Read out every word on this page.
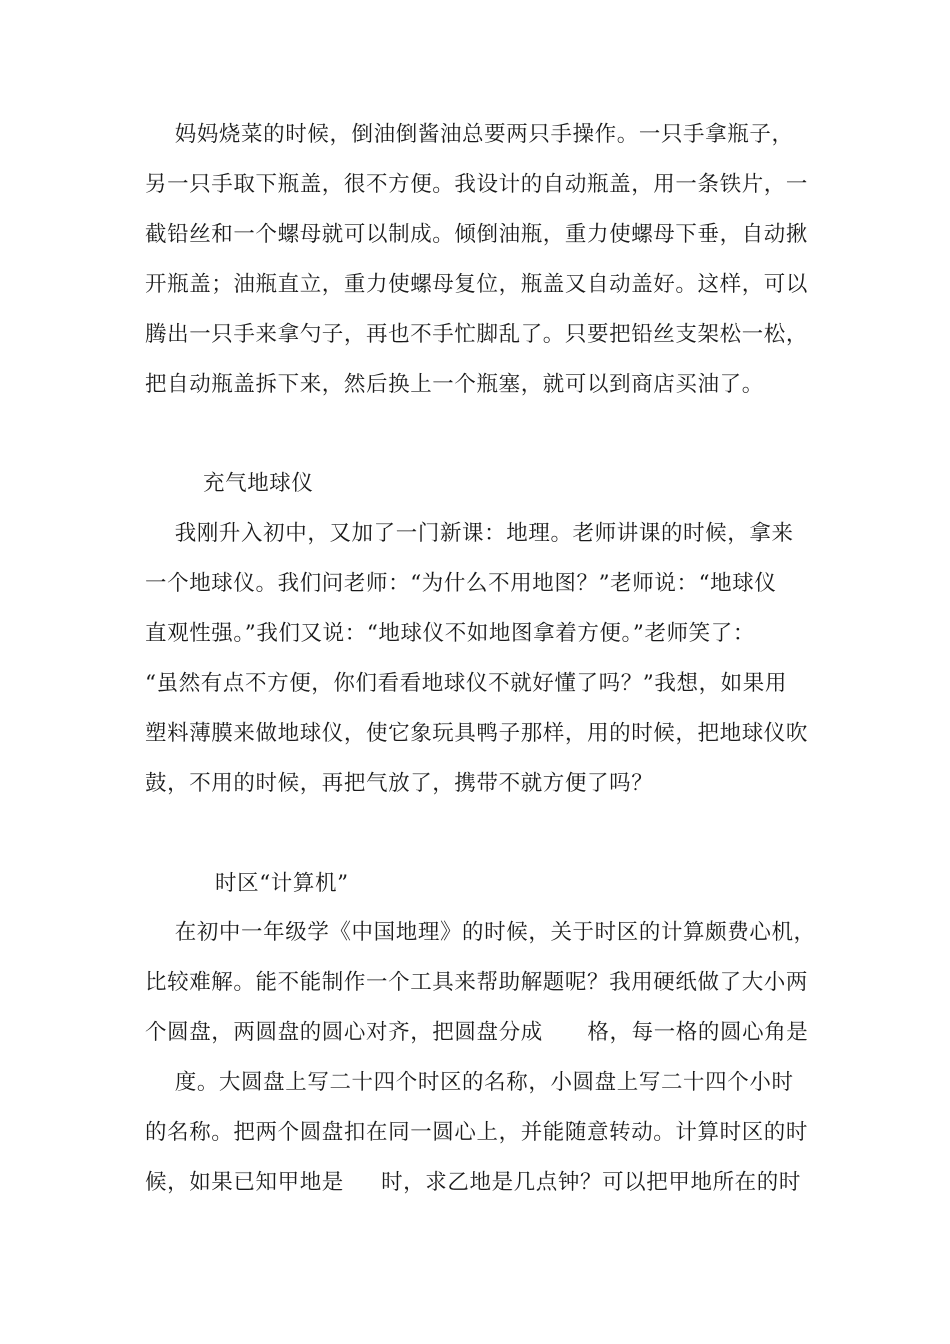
妈妈烧菜的时候，倒油倒酱油总要两只手操作。一只手拿瓶子，
另一只手取下瓶盖，很不方便。我设计的自动瓶盖，用一条铁片，一
截铅丝和一个螺母就可以制成。倾倒油瓶，重力使螺母下垂，自动揪
开瓶盖；油瓶直立，重力使螺母复位，瓶盖又自动盖好。这样，可以
腾出一只手来拿勺子，再也不手忙脚乱了。只要把铅丝支架松一松，
把自动瓶盖拆下来，然后换上一个瓶塞，就可以到商店买油了。
充气地球仪
我刚升入初中，又加了一门新课：地理。老师讲课的时候，拿来
一个地球仪。我们问老师：“为什么不用地图？”老师说：“地球仪
直观性强。”我们又说：“地球仪不如地图拿着方便。”老师笑了：
“虽然有点不方便，你们看看地球仪不就好懂了吗？”我想，如果用
塑料薄膜来做地球仪，使它象玩具鸭子那样，用的时候，把地球仪吹
鼓，不用的时候，再把气放了，携带不就方便了吗？
时区“计算机”
在初中一年级学《中国地理》的时候，关于时区的计算颇费心机，
比较难解。能不能制作一个工具来帮助解题呢？我用硬纸做了大小两
个圆盘，两圆盘的圆心对齐，把圆盘分成      格，每一格的圆心角是
度。大圆盘上写二十四个时区的名称，小圆盘上写二十四个小时
的名称。把两个圆盘扣在同一圆心上，并能随意转动。计算时区的时
候，如果已知甲地是     时，求乙地是几点钟？可以把甲地所在的时
